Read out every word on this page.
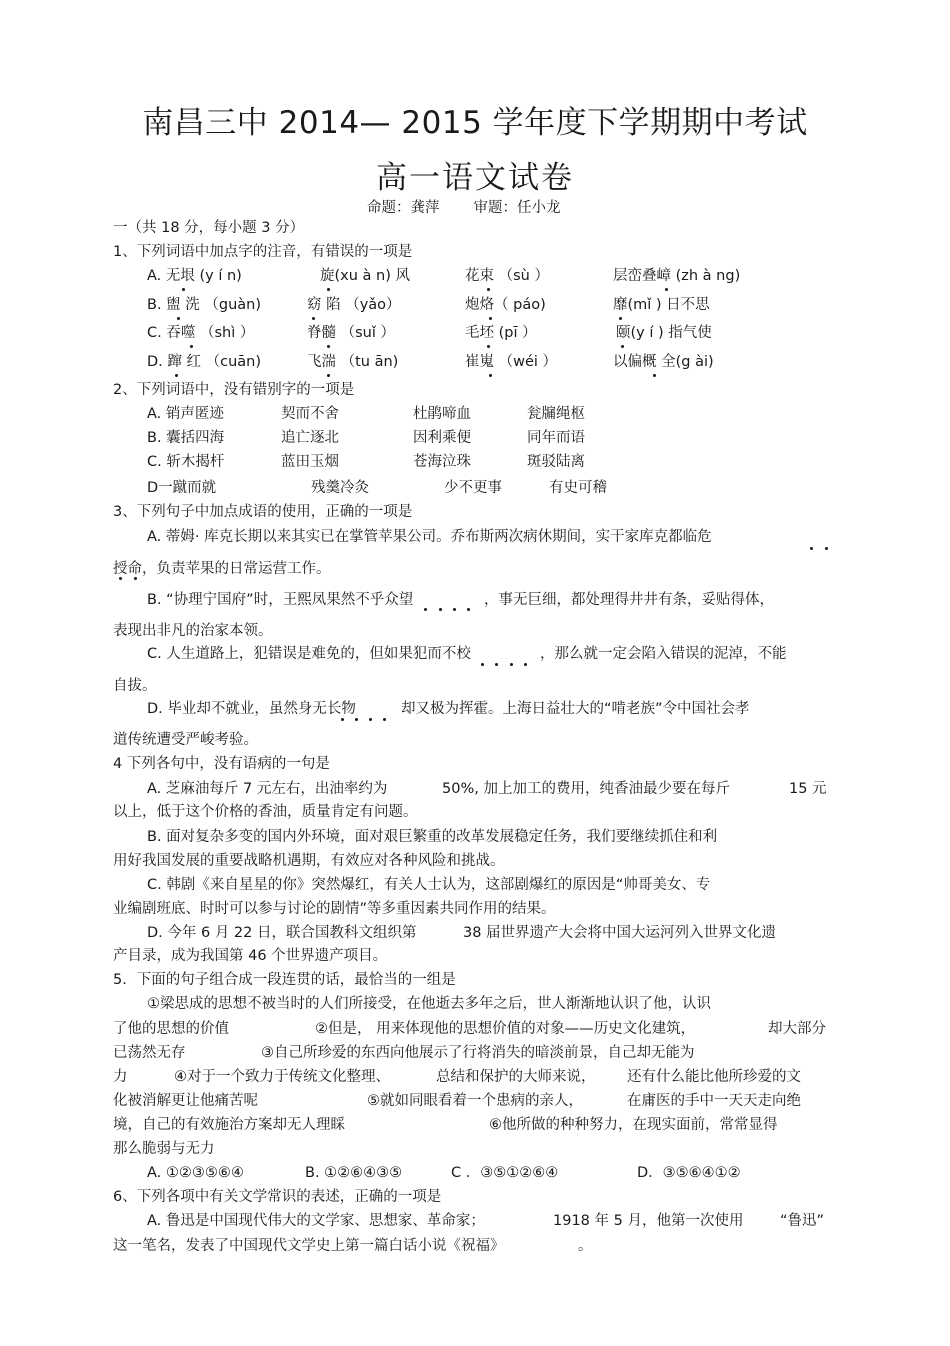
南昌三中 2014— 2015 学年度下学期期中考试
高一语文试卷
命题：龚萍 审题：任小龙
一（共 18 分，每小题 3 分）
1、下列词语中加点字的注音，有错误的一项是
A. 无垠 (y í n)	旋(xu à n) 风	花束 （sù ）	层峦叠嶂 (zh à ng)
B. 盥 洗 （guàn)	窈 陷 （yǎo）	炮烙（ páo)	靡(mǐ ) 日不思
C. 吞噬 （shì ）	脊髓 （suǐ ）	毛坯 (pī ）	颐(y í ) 指气使
D. 蹿 红 （cuān)	飞湍 （tu ān)	崔嵬 （wéi ）	以偏概 全(g ài)
2、下列词语中，没有错别字的一项是
A. 销声匿迹	契而不舍	杜鹃啼血	瓮牖绳枢
B. 囊括四海	追亡逐北	因利乘便	同年而语
C. 斩木揭杆	蓝田玉烟	苍海泣珠	斑驳陆离
D一蹴而就	残羹冷灸	少不更事	有史可稽
3、下列句子中加点成语的使用，正确的一项是
A. 蒂姆· 库克长期以来其实已在掌管苹果公司。乔布斯两次病休期间，实干家库克都临危
授命，负责苹果的日常运营工作。
B. “协理宁国府”时，王熙凤果然不乎众望	，事无巨细，都处理得井井有条，妥贴得体，
表现出非凡的治家本领。
C. 人生道路上，犯错误是难免的，但如果犯而不校	，那么就一定会陷入错误的泥淖，不能
自拔。
D. 毕业却不就业，虽然身无长物	却又极为挥霍。上海日益壮大的“啃老族”令中国社会孝
道传统遭受严峻考验。
4 下列各句中，没有语病的一句是
A. 芝麻油每斤 7 元左右，出油率约为	50%, 加上加工的费用，纯香油最少要在每斤	15 元
以上，低于这个价格的香油，质量肯定有问题。
B. 面对复杂多变的国内外环境，面对艰巨繁重的改革发展稳定任务，我们要继续抓住和利
用好我国发展的重要战略机遇期，有效应对各种风险和挑战。
C. 韩剧《来自星星的你》突然爆红，有关人士认为，这部剧爆红的原因是“帅哥美女、专
业编剧班底、时时可以参与讨论的剧情”等多重因素共同作用的结果。
D. 今年 6 月 22 日，联合国教科文组织第	38 届世界遗产大会将中国大运河列入世界文化遗
产目录，成为我国第 46 个世界遗产项目。
5．下面的句子组合成一段连贯的话，最恰当的一组是
①梁思成的思想不被当时的人们所接受，在他逝去多年之后，世人渐渐地认识了他，认识
了他的思想的价值	②但是， 用来体现他的思想价值的对象——历史文化建筑，	却大部分
已荡然无存	③自己所珍爱的东西向他展示了行将消失的暗淡前景，自己却无能为
力	④对于一个致力于传统文化整理、	总结和保护的大师来说， 还有什么能比他所珍爱的文
化被消解更让他痛苦呢	⑤就如同眼看着一个患病的亲人，	在庸医的手中一天天走向绝
境，自己的有效施治方案却无人理睬	⑥他所做的种种努力，在现实面前，常常显得
那么脆弱与无力
A. ①②③⑤⑥④	B. ①②⑥④③⑤	C ．③⑤①②⑥④	D．③⑤⑥④①②
6、下列各项中有关文学常识的表述，正确的一项是
A. 鲁迅是中国现代伟大的文学家、思想家、革命家；	1918 年 5 月，他第一次使用	“鲁迅”
这一笔名，发表了中国现代文学史上第一篇白话小说《祝福》	。
